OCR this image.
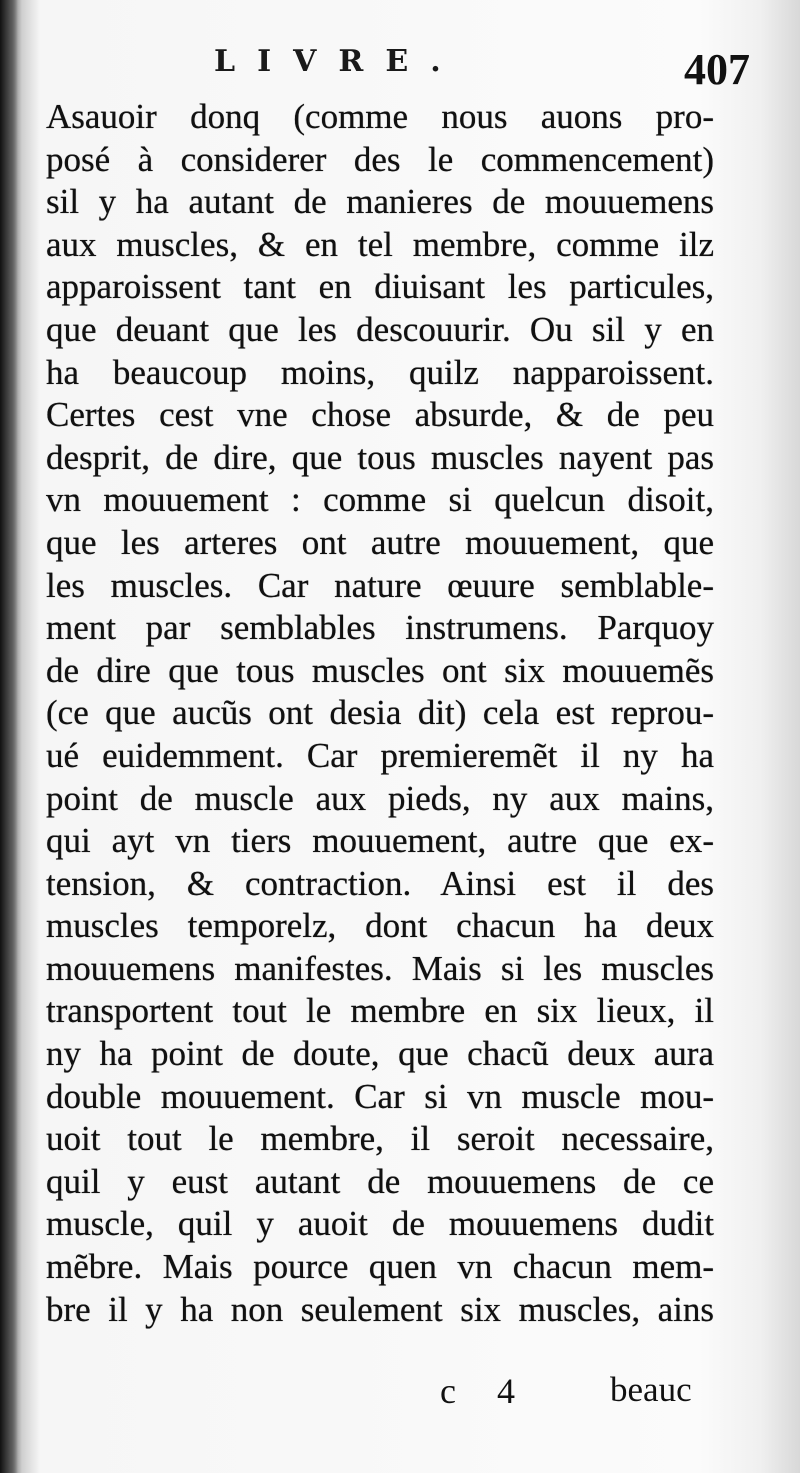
LIVRE.	407
Asauoir donq (comme nous auons pro-
posé à considerer des le commencement)
sil y ha autant de manieres de mouuemens
aux muscles, & en tel membre, comme ilz
apparoissent tant en diuisant les particules,
que deuant que les descouurir. Ou sil y en
ha beaucoup moins, quilz napparoissent.
Certes cest vne chose absurde, & de peu
desprit, de dire, que tous muscles nayent pas
vn mouuement : comme si quelcun disoit,
que les arteres ont autre mouuement, que
les muscles. Car nature œuure semblable-
ment par semblables instrumens. Parquoy
de dire que tous muscles ont six mouuemẽs
(ce que aucũs ont desia dit) cela est reprou-
ué euidemment. Car premieremẽt il ny ha
point de muscle aux pieds, ny aux mains,
qui ayt vn tiers mouuement, autre que ex-
tension, & contraction. Ainsi est il des
muscles temporelz, dont chacun ha deux
mouuemens manifestes. Mais si les muscles
transportent tout le membre en six lieux, il
ny ha point de doute, que chacũ deux aura
double mouuement. Car si vn muscle mou-
uoit tout le membre, il seroit necessaire,
quil y eust autant de mouuemens de ce
muscle, quil y auoit de mouuemens dudit
mẽbre. Mais pource quen vn chacun mem-
bre il y ha non seulement six muscles, ains
c 4 beauc
